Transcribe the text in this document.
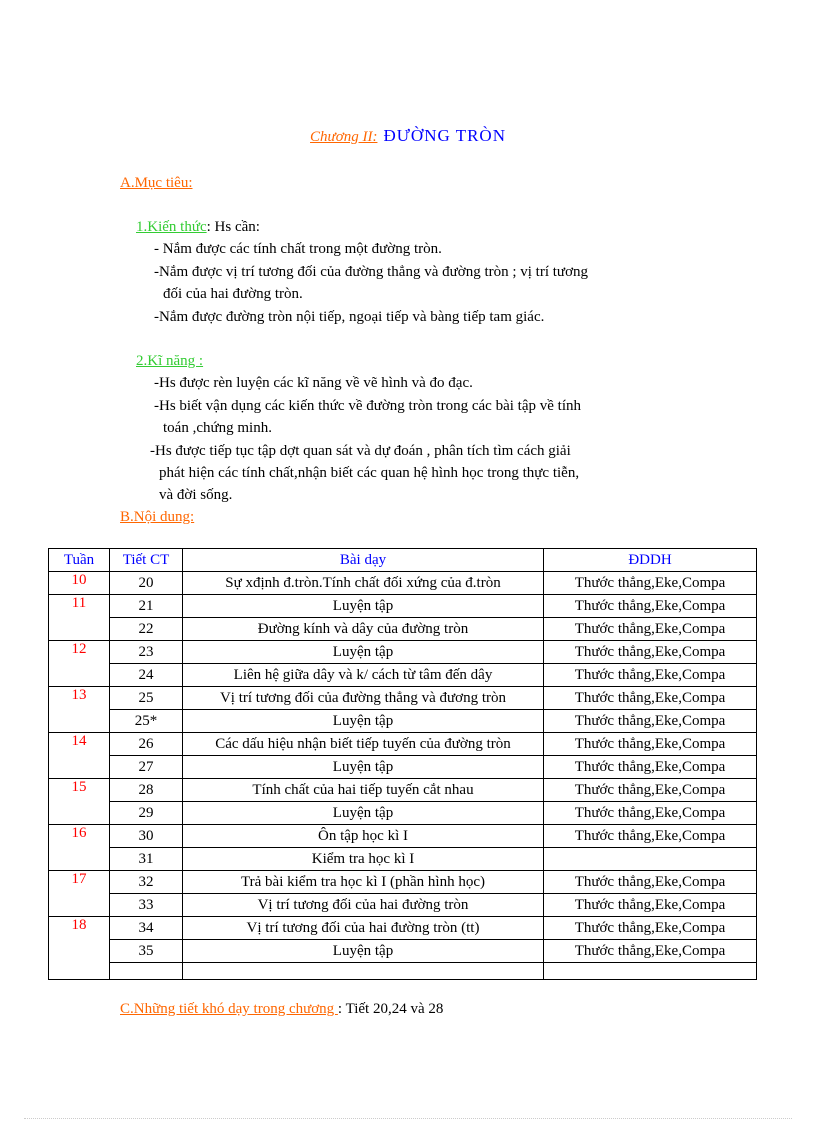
Chương II: ĐƯỜNG TRÒN
A.Mục tiêu:
1.Kiến thức: Hs cần:
- Nắm được các tính chất trong một đường tròn.
-Nắm được vị trí tương đối của đường thẳng và đường tròn ; vị trí tương
đối của hai đường tròn.
-Nắm được đường tròn nội tiếp, ngoại tiếp và bàng tiếp tam giác.
2.Kĩ năng :
-Hs được rèn luyện các kĩ năng về vẽ hình và đo đạc.
-Hs biết vận dụng các kiến thức về đường tròn trong các bài tập về tính
toán ,chứng minh.
-Hs được tiếp tục tập dợt quan sát và dự đoán , phân tích tìm cách giải
phát hiện các tính chất,nhận biết các quan hệ hình học trong thực tiễn,
và đời sống.
B.Nội dung:
Tuần	Tiết CT	Bài dạy	ĐDDH
10	20	Sự xđịnh đ.tròn.Tính chất đối xứng của đ.tròn	Thước thẳng,Eke,Compa
11	21	Luyện tập	Thước thẳng,Eke,Compa
	22	Đường kính và dây của đường tròn	Thước thẳng,Eke,Compa
12	23	Luyện tập	Thước thẳng,Eke,Compa
	24	Liên hệ giữa dây và k/ cách từ tâm đến dây	Thước thẳng,Eke,Compa
13	25	Vị trí tương đối của đường thẳng và đương tròn	Thước thẳng,Eke,Compa
	25*	Luyện tập	Thước thẳng,Eke,Compa
14	26	Các dấu hiệu nhận biết tiếp tuyến của đường tròn	Thước thẳng,Eke,Compa
	27	Luyện tập	Thước thẳng,Eke,Compa
15	28	Tính chất của hai tiếp tuyến cắt nhau	Thước thẳng,Eke,Compa
	29	Luyện tập	Thước thẳng,Eke,Compa
16	30	Ôn tập học kì I	Thước thẳng,Eke,Compa
	31	Kiểm tra học kì I	
17	32	Trả bài kiểm tra học kì I (phần hình học)	Thước thẳng,Eke,Compa
	33	Vị trí tương đối của hai đường tròn	Thước thẳng,Eke,Compa
18	34	Vị trí tương đối của hai đường tròn (tt)	Thước thẳng,Eke,Compa
	35	Luyện tập	Thước thẳng,Eke,Compa

C.Những tiết khó dạy trong chương : Tiết 20,24 và 28
